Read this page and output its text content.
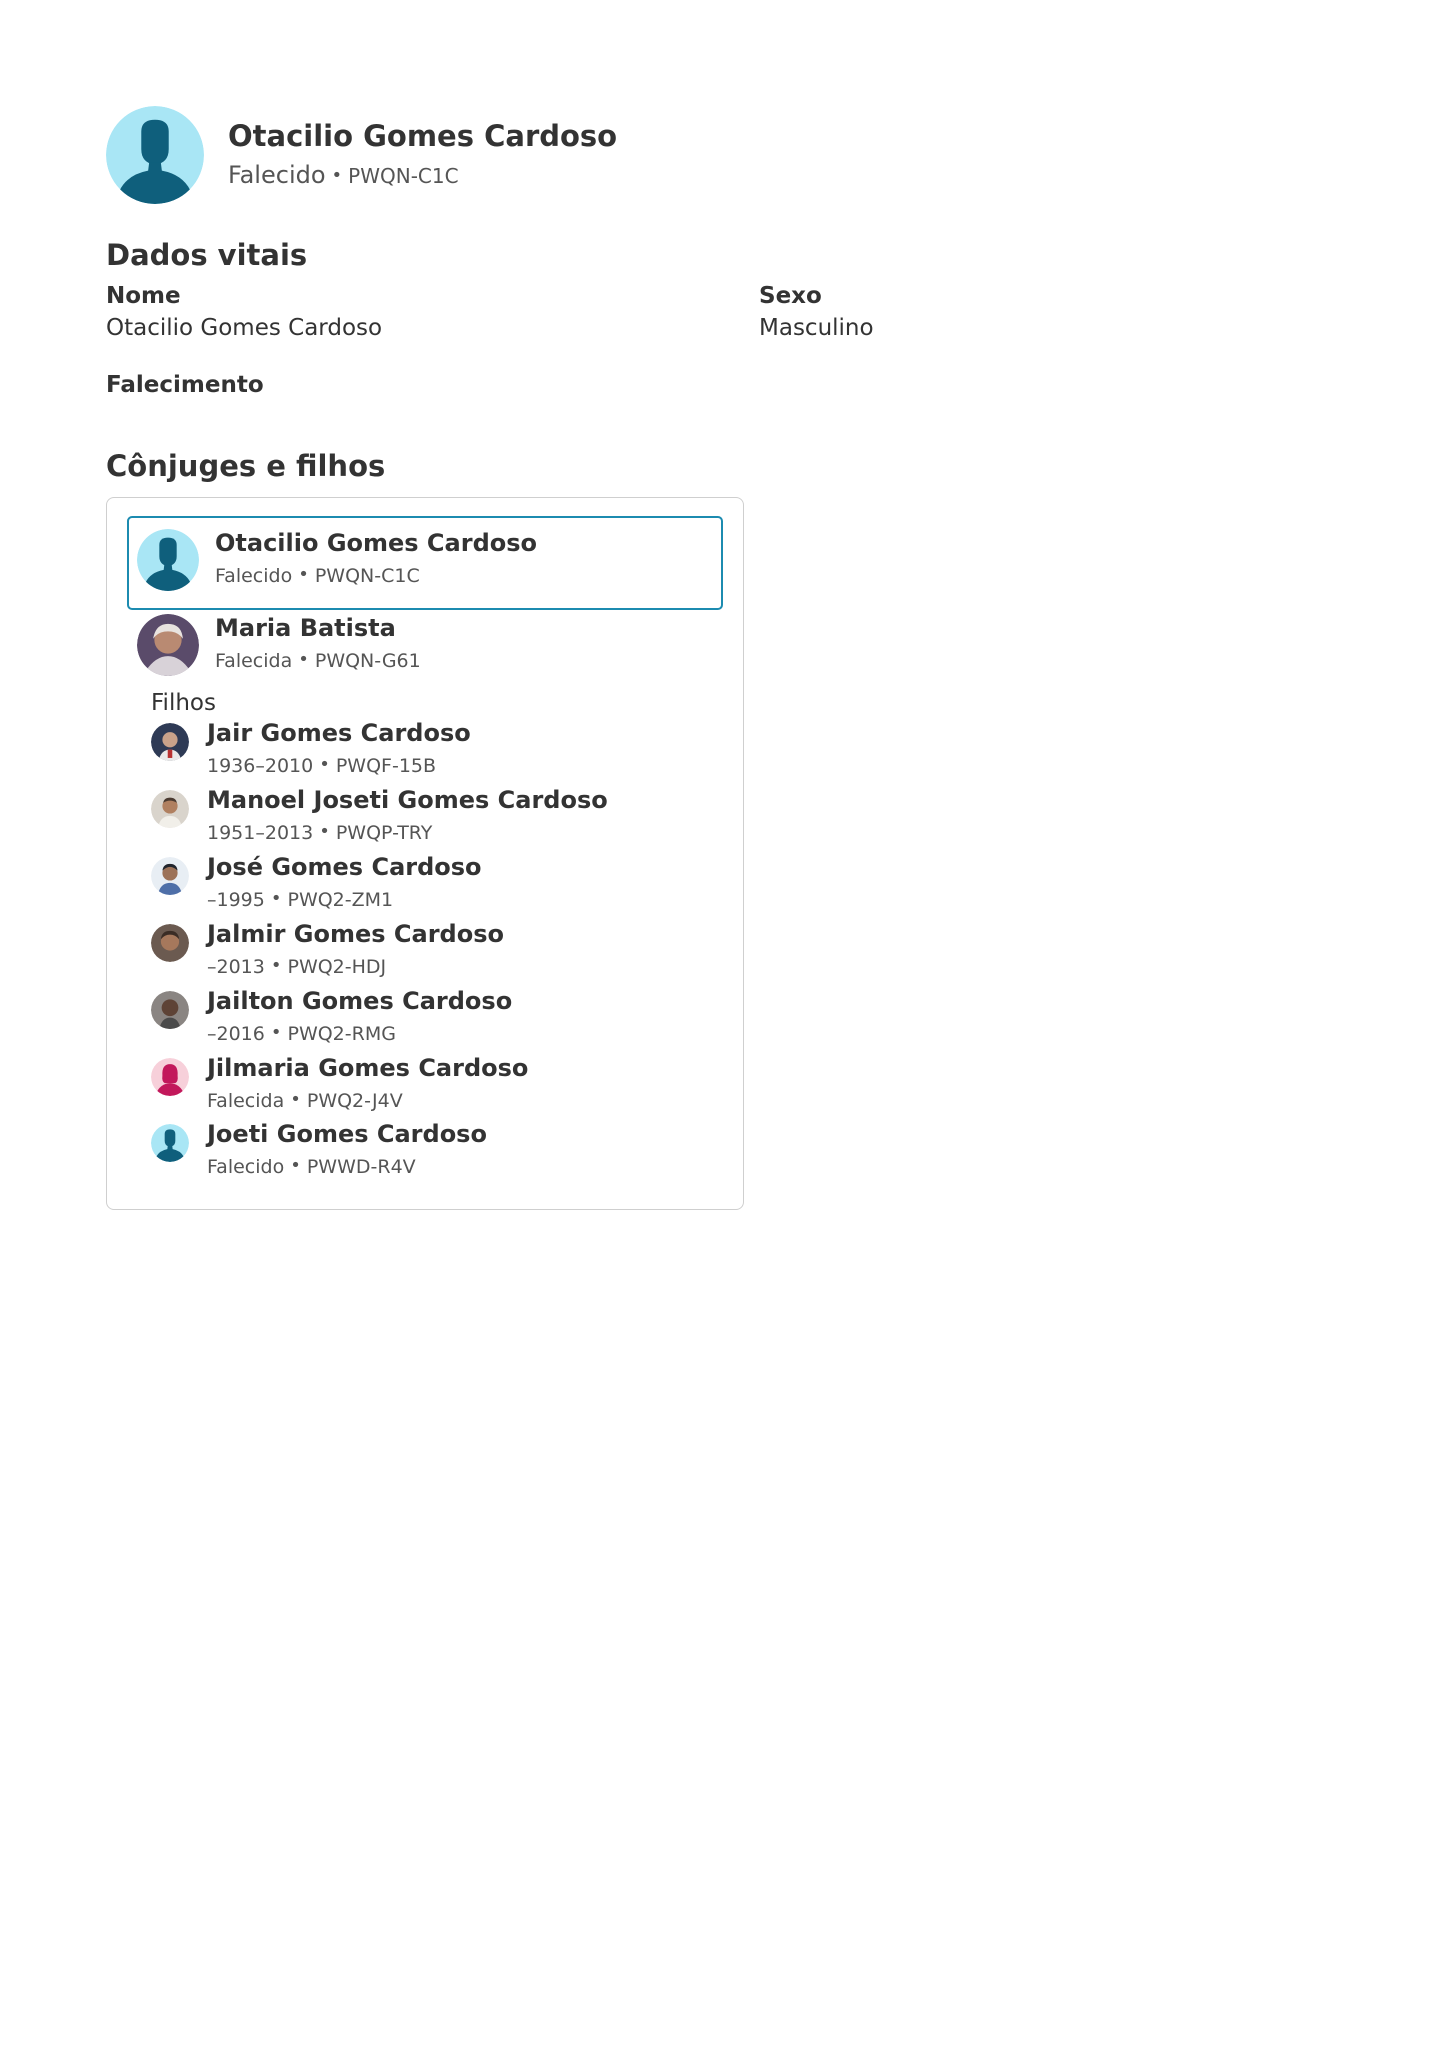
Otacilio Gomes Cardoso
Falecido • PWQN-C1C
Dados vitais
Nome
Otacilio Gomes Cardoso
Sexo
Masculino
Falecimento
Cônjuges e filhos
Otacilio Gomes Cardoso
Falecido • PWQN-C1C
Maria Batista
Falecida • PWQN-G61
Filhos
Jair Gomes Cardoso
1936–2010 • PWQF-15B
Manoel Joseti Gomes Cardoso
1951–2013 • PWQP-TRY
José Gomes Cardoso
–1995 • PWQ2-ZM1
Jalmir Gomes Cardoso
–2013 • PWQ2-HDJ
Jailton Gomes Cardoso
–2016 • PWQ2-RMG
Jilmaria Gomes Cardoso
Falecida • PWQ2-J4V
Joeti Gomes Cardoso
Falecido • PWWD-R4V
